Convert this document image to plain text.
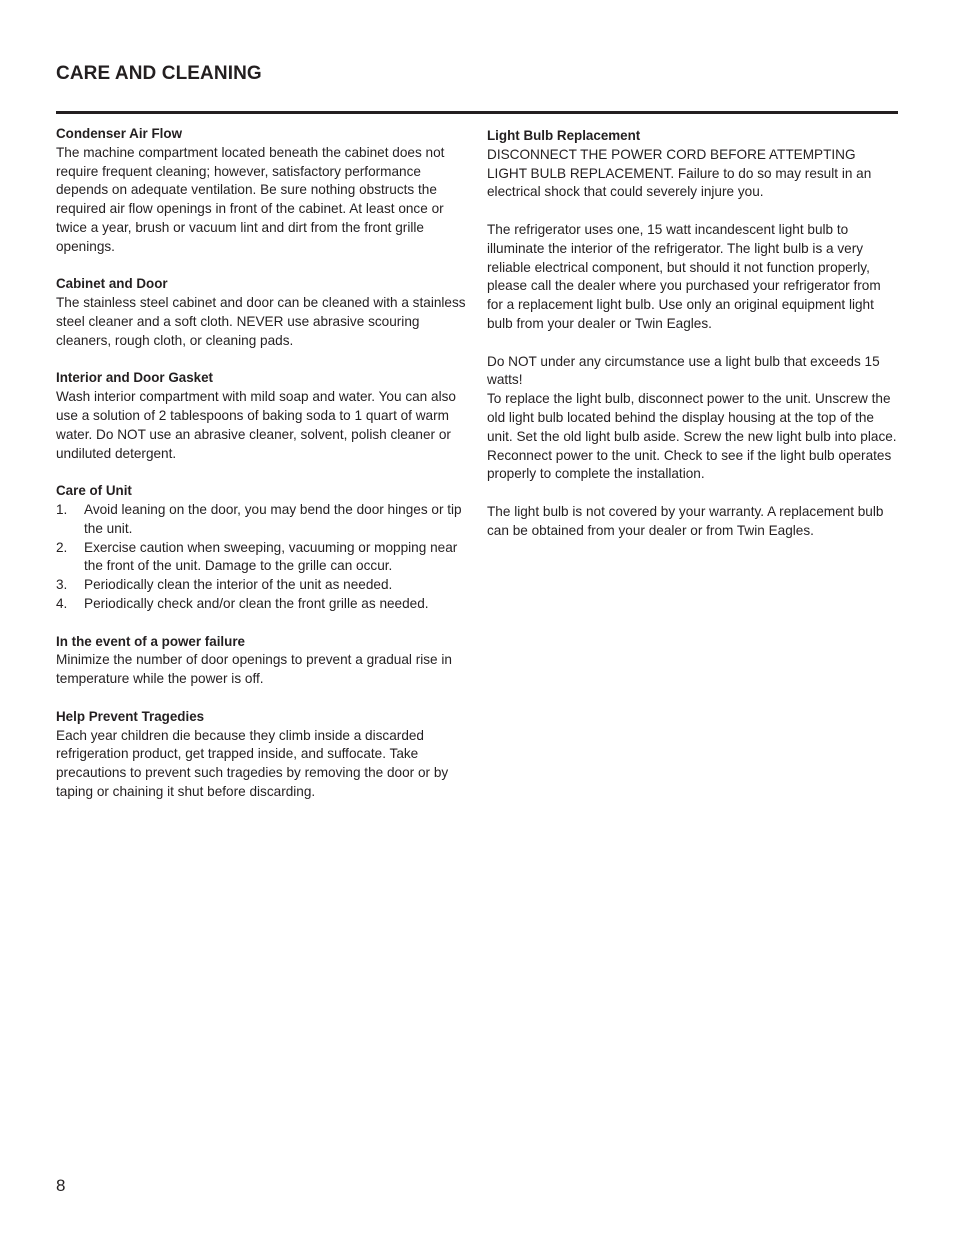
CARE AND CLEANING
Condenser Air Flow

The machine compartment located beneath the cabinet does not require frequent cleaning; however, satisfactory performance depends on adequate ventilation. Be sure nothing obstructs the required air flow openings in front of the cabinet. At least once or twice a year, brush or vacuum lint and dirt from the front grille openings.

Cabinet and Door

The stainless steel cabinet and door can be cleaned with a stainless steel cleaner and a soft cloth. NEVER use abrasive scouring cleaners, rough cloth, or cleaning pads.

Interior and Door Gasket

Wash interior compartment with mild soap and water. You can also use a solution of 2 tablespoons of baking soda to 1 quart of warm water. Do NOT use an abrasive cleaner, solvent, polish cleaner or undiluted detergent.

Care of Unit
1. Avoid leaning on the door, you may bend the door hinges or tip the unit.
2. Exercise caution when sweeping, vacuuming or mopping near the front of the unit. Damage to the grille can occur.
3. Periodically clean the interior of the unit as needed.
4. Periodically check and/or clean the front grille as needed.
In the event of a power failure

Minimize the number of door openings to prevent a gradual rise in temperature while the power is off.

Help Prevent Tragedies

Each year children die because they climb inside a discarded refrigeration product, get trapped inside, and suffocate. Take precautions to prevent such tragedies by removing the door or by taping or chaining it shut before discarding.

Light Bulb Replacement

DISCONNECT THE POWER CORD BEFORE ATTEMPTING LIGHT BULB REPLACEMENT. Failure to do so may result in an electrical shock that could severely injure you.

The refrigerator uses one, 15 watt incandescent light bulb to illuminate the interior of the refrigerator. The light bulb is a very reliable electrical component, but should it not function properly, please call the dealer where you purchased your refrigerator from for a replacement light bulb. Use only an original equipment light bulb from your dealer or Twin Eagles.

Do NOT under any circumstance use a light bulb that exceeds 15 watts!

To replace the light bulb, disconnect power to the unit. Unscrew the old light bulb located behind the display housing at the top of the unit. Set the old light bulb aside. Screw the new light bulb into place. Reconnect power to the unit. Check to see if the light bulb operates properly to complete the installation.

The light bulb is not covered by your warranty. A replacement bulb can be obtained from your dealer or from Twin Eagles.

8
